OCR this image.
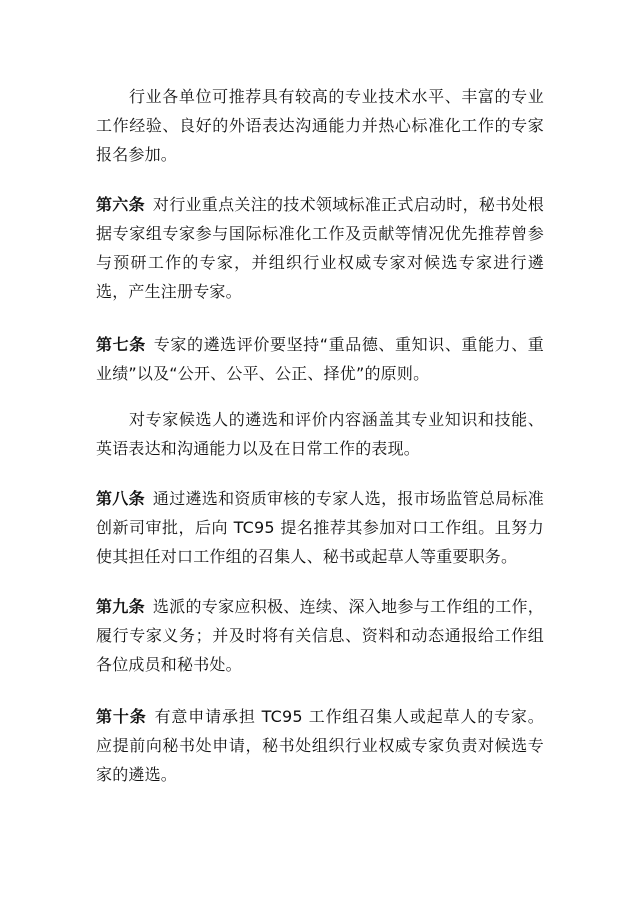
行业各单位可推荐具有较高的专业技术水平、丰富的专业工作经验、良好的外语表达沟通能力并热心标准化工作的专家报名参加。

第六条 对行业重点关注的技术领域标准正式启动时，秘书处根据专家组专家参与国际标准化工作及贡献等情况优先推荐曾参与预研工作的专家，并组织行业权威专家对候选专家进行遴选，产生注册专家。

第七条 专家的遴选评价要坚持“重品德、重知识、重能力、重业绩”以及“公开、公平、公正、择优”的原则。

对专家候选人的遴选和评价内容涵盖其专业知识和技能、英语表达和沟通能力以及在日常工作的表现。

第八条 通过遴选和资质审核的专家人选，报市场监管总局标准创新司审批，后向 TC95 提名推荐其参加对口工作组。且努力使其担任对口工作组的召集人、秘书或起草人等重要职务。

第九条 选派的专家应积极、连续、深入地参与工作组的工作，履行专家义务；并及时将有关信息、资料和动态通报给工作组各位成员和秘书处。

第十条 有意申请承担 TC95 工作组召集人或起草人的专家。应提前向秘书处申请，秘书处组织行业权威专家负责对候选专家的遴选。
